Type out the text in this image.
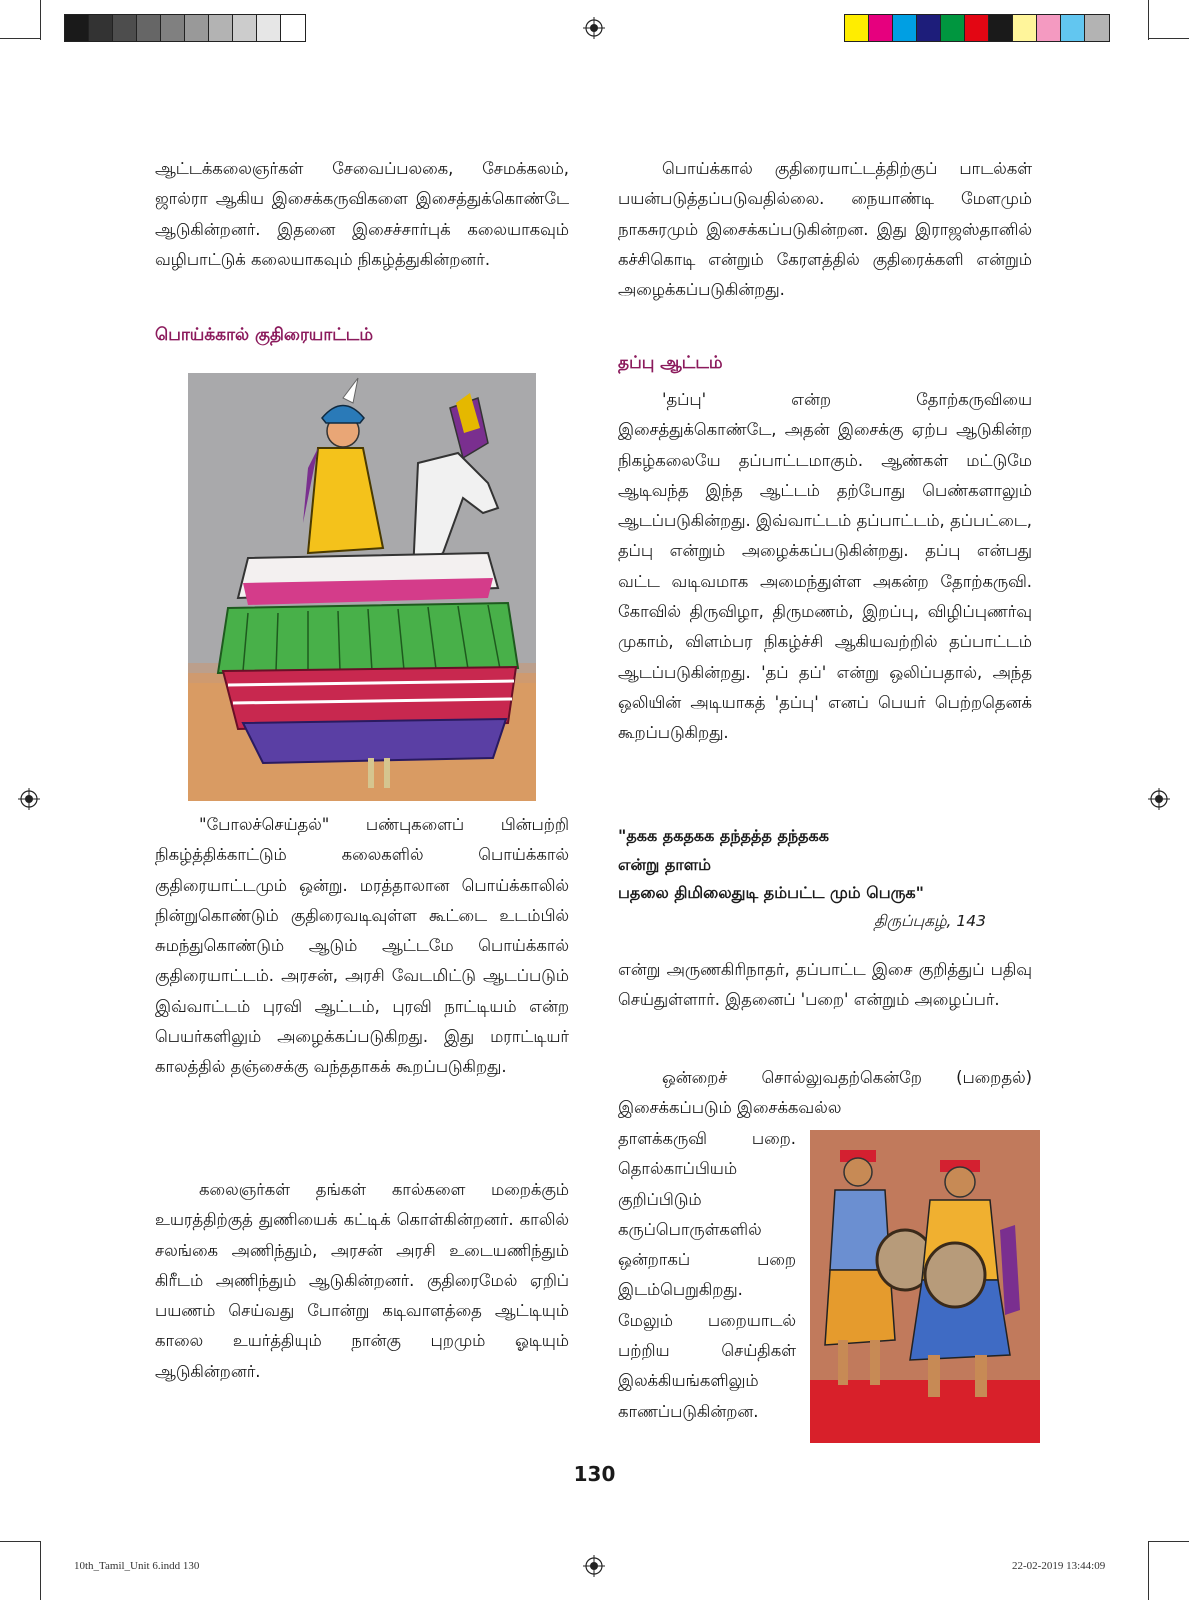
ஆட்டக்கலைஞர்கள் சேவைப்பலகை, சேமக்கலம், ஜால்ரா ஆகிய இசைக்கருவிகளை இசைத்துக்கொண்டே ஆடுகின்றனர். இதனை இசைச்சார்புக் கலையாகவும் வழிபாட்டுக் கலையாகவும் நிகழ்த்துகின்றனர்.

பொய்க்கால் குதிரையாட்டம்

"போலச்செய்தல்" பண்புகளைப் பின்பற்றி நிகழ்த்திக்காட்டும் கலைகளில் பொய்க்கால் குதிரையாட்டமும் ஒன்று. மரத்தாலான பொய்க்காலில் நின்றுகொண்டும் குதிரைவடிவுள்ள கூட்டை உடம்பில் சுமந்துகொண்டும் ஆடும் ஆட்டமே பொய்க்கால் குதிரையாட்டம். அரசன், அரசி வேடமிட்டு ஆடப்படும் இவ்வாட்டம் புரவி ஆட்டம், புரவி நாட்டியம் என்ற பெயர்களிலும் அழைக்கப்படுகிறது. இது மராட்டியர் காலத்தில் தஞ்சைக்கு வந்ததாகக் கூறப்படுகிறது.

கலைஞர்கள் தங்கள் கால்களை மறைக்கும் உயரத்திற்குத் துணியைக் கட்டிக் கொள்கின்றனர். காலில் சலங்கை அணிந்தும், அரசன் அரசி உடையணிந்தும் கிரீடம் அணிந்தும் ஆடுகின்றனர். குதிரைமேல் ஏறிப் பயணம் செய்வது போன்று கடிவாளத்தை ஆட்டியும் காலை உயர்த்தியும் நான்கு புறமும் ஓடியும் ஆடுகின்றனர்.

பொய்க்கால் குதிரையாட்டத்திற்குப் பாடல்கள் பயன்படுத்தப்படுவதில்லை. நையாண்டி மேளமும் நாகசுரமும் இசைக்கப்படுகின்றன. இது இராஜஸ்தானில் கச்சிகொடி என்றும் கேரளத்தில் குதிரைக்களி என்றும் அழைக்கப்படுகின்றது.

தப்பு ஆட்டம்

'தப்பு' என்ற தோற்கருவியை இசைத்துக்கொண்டே, அதன் இசைக்கு ஏற்ப ஆடுகின்ற நிகழ்கலையே தப்பாட்டமாகும். ஆண்கள் மட்டுமே ஆடிவந்த இந்த ஆட்டம் தற்போது பெண்களாலும் ஆடப்படுகின்றது. இவ்வாட்டம் தப்பாட்டம், தப்பட்டை, தப்பு என்றும் அழைக்கப்படுகின்றது. தப்பு என்பது வட்ட வடிவமாக அமைந்துள்ள அகன்ற தோற்கருவி. கோவில் திருவிழா, திருமணம், இறப்பு, விழிப்புணர்வு முகாம், விளம்பர நிகழ்ச்சி ஆகியவற்றில் தப்பாட்டம் ஆடப்படுகின்றது. 'தப் தப்' என்று ஒலிப்பதால், அந்த ஒலியின் அடியாகத் 'தப்பு' எனப் பெயர் பெற்றதெனக் கூறப்படுகிறது.

"தகக தகதகக தந்தத்த தந்தகக

என்று தாளம்

பதலை திமிலைதுடி தம்பட்ட மும் பெருக"

திருப்புகழ், 143

என்று அருணகிரிநாதர், தப்பாட்ட இசை குறித்துப் பதிவு செய்துள்ளார். இதனைப் 'பறை' என்றும் அழைப்பர்.

ஒன்றைச் சொல்லுவதற்கென்றே (பறைதல்) இசைக்கப்படும் இசைக்கவல்ல

தாளக்கருவி பறை. தொல்காப்பியம் குறிப்பிடும் கருப்பொருள்களில் ஒன்றாகப் பறை இடம்பெறுகிறது. மேலும் பறையாடல் பற்றிய செய்திகள் இலக்கியங்களிலும் காணப்படுகின்றன.

130
10th_Tamil_Unit 6.indd 130	22-02-2019 13:44:09
